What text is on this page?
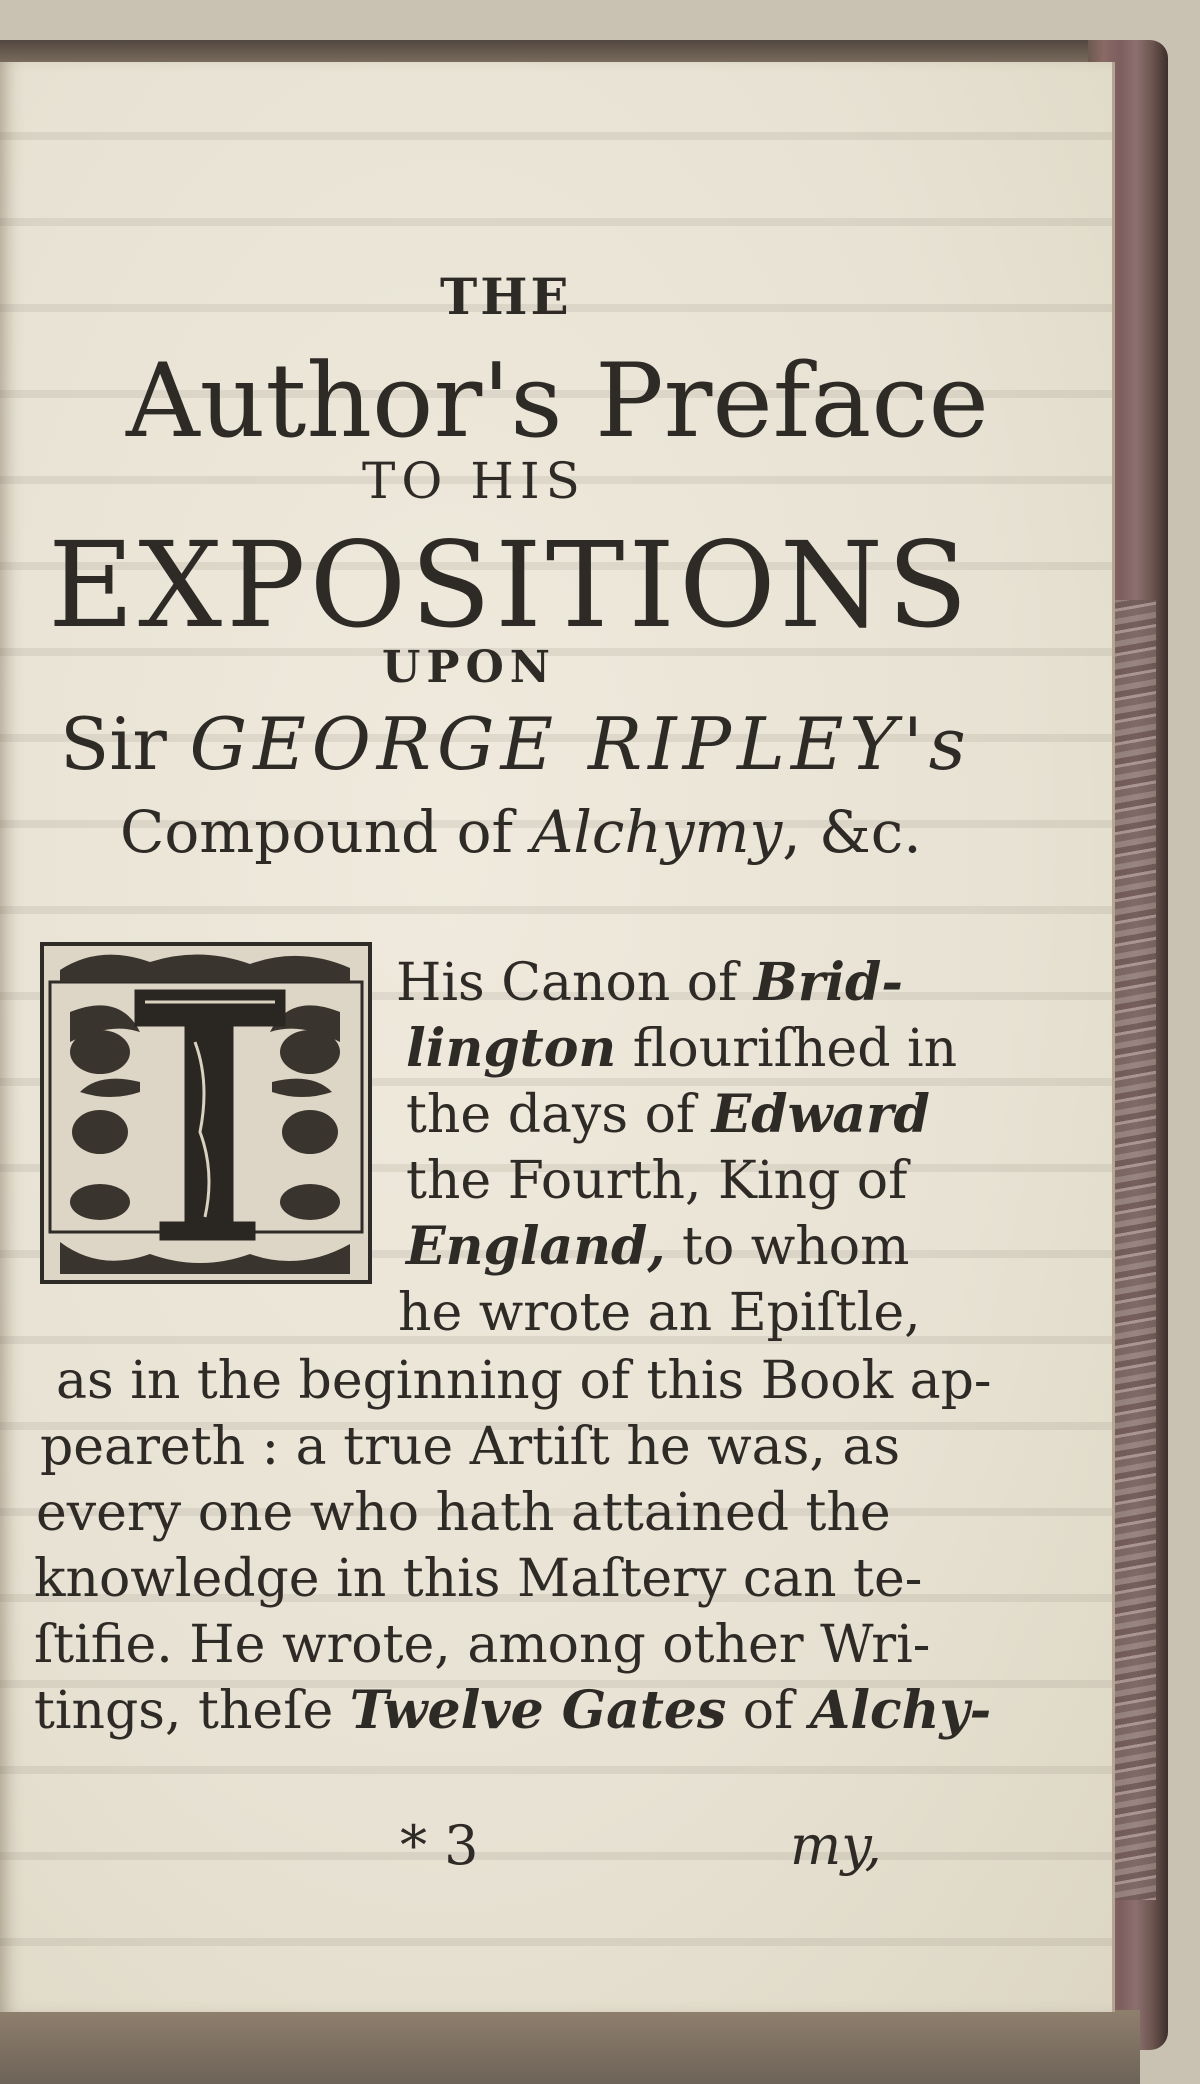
THE
Author's Preface
TO HIS
EXPOSITIONS
UPON
Sir GEORGE RIPLEY's
Compound of Alchymy, &c.
His Canon of Brid-
lington flouriſhed in
the days of Edward
the Fourth, King of
England, to whom
he wrote an Epiſtle,
as in the beginning of this Book ap-
peareth : a true Artiſt he was, as
every one who hath attained the
knowledge in this Maſtery can te-
ſtifie. He wrote, among other Wri-
tings, theſe Twelve Gates of Alchy-
* 3	my,
